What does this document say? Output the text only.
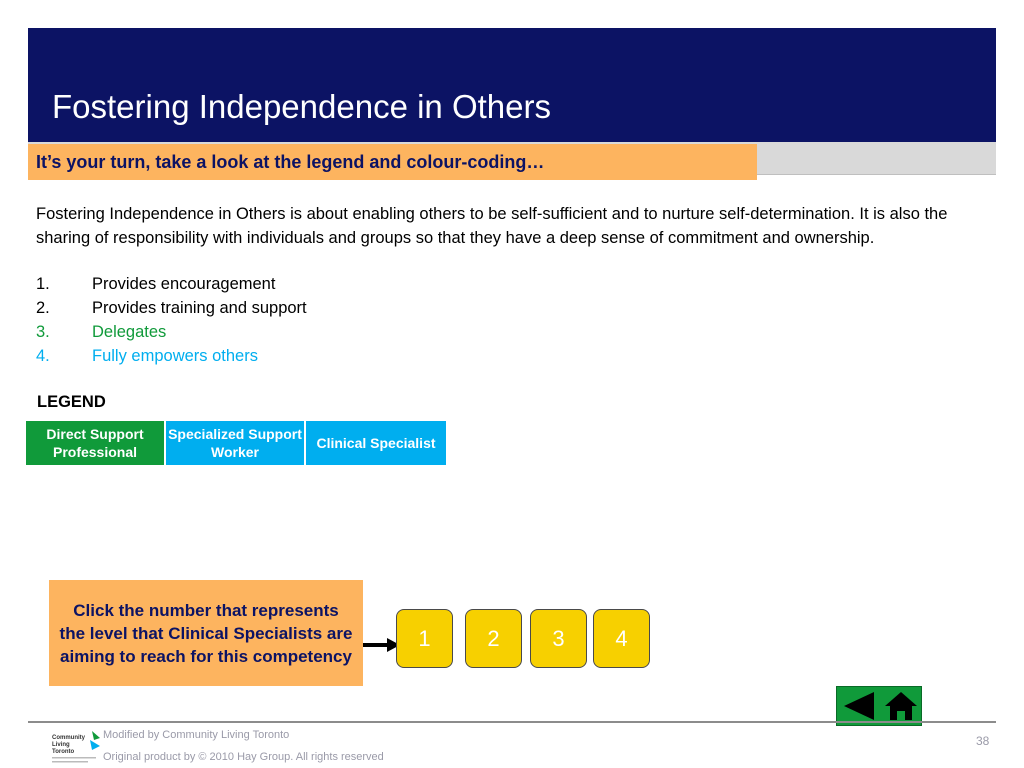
Fostering Independence in Others
It’s your turn, take a look at the legend and colour-coding…
Fostering Independence in Others is about enabling others to be self-sufficient and to nurture self-determination. It is also the sharing of responsibility with individuals and groups so that they have a deep sense of commitment and ownership.
1.	Provides encouragement
2.	Provides training and support
3.	Delegates
4.	Fully empowers others
LEGEND
Direct Support Professional
Specialized Support Worker
Clinical Specialist
Click the number that represents the level that Clinical Specialists are aiming to reach for this competency
1	2	3	4
Community
Living
Toronto
Modified by Community Living Toronto
Original product by © 2010 Hay Group. All rights reserved
38
